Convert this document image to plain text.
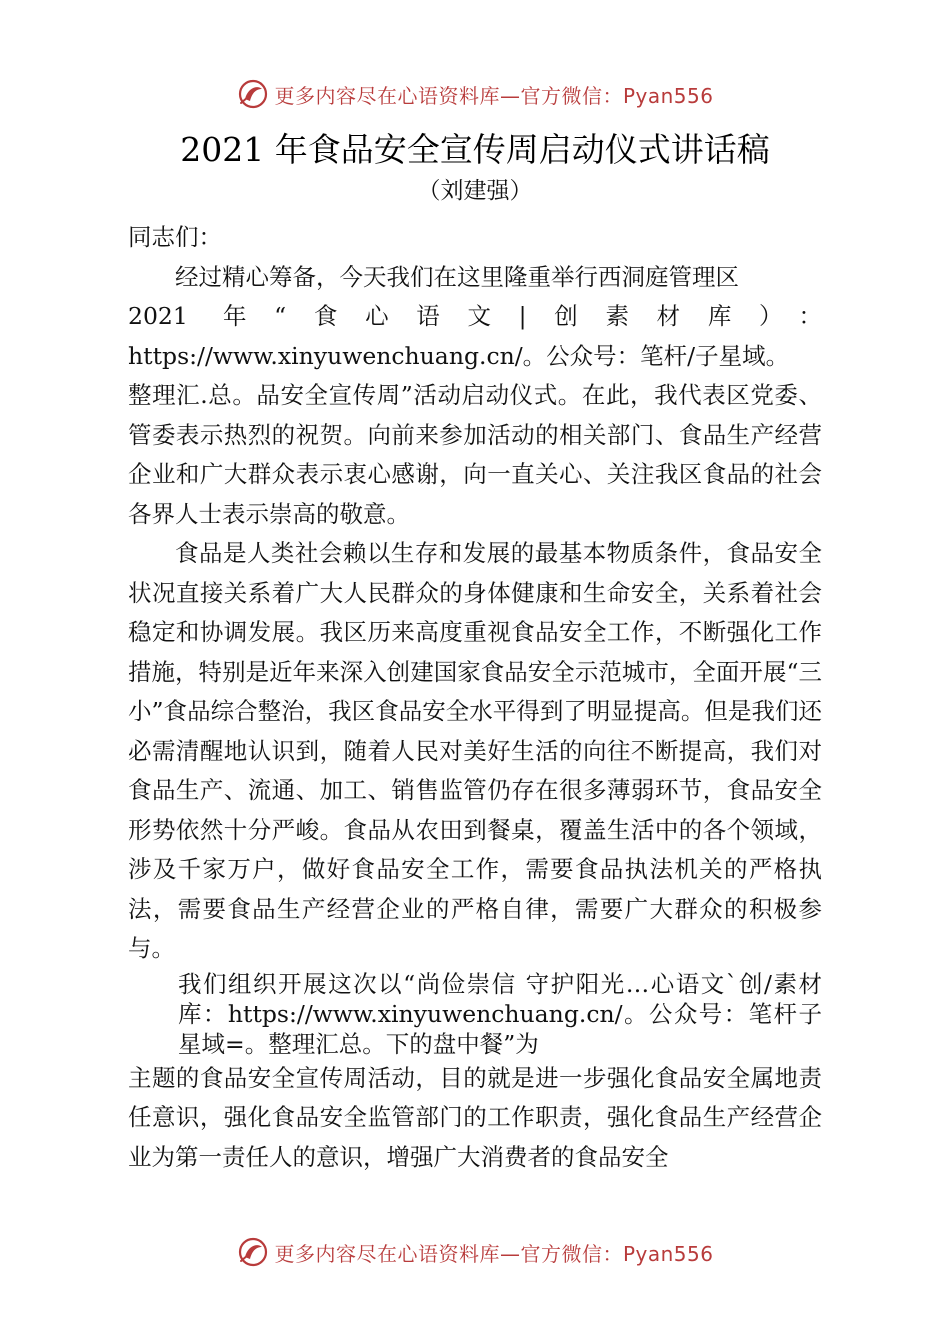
更多内容尽在心语资料库—官方微信：Pyan556
2021 年食品安全宣传周启动仪式讲话稿
（刘建强）

同志们：

经过精心筹备，今天我们在这里隆重举行西洞庭管理区

2021 年“食心语文|创素材库）：

https://www.xinyuwenchuang.cn/。公众号：笔杆/子星域。

整理汇.总。品安全宣传周”活动启动仪式。在此，我代表区党委、管委表示热烈的祝贺。向前来参加活动的相关部门、食品生产经营企业和广大群众表示衷心感谢，向一直关心、关注我区食品的社会各界人士表示崇高的敬意。

食品是人类社会赖以生存和发展的最基本物质条件，食品安全状况直接关系着广大人民群众的身体健康和生命安全，关系着社会稳定和协调发展。我区历来高度重视食品安全工作，不断强化工作措施，特别是近年来深入创建国家食品安全示范城市，全面开展“三小”食品综合整治，我区食品安全水平得到了明显提高。但是我们还必需清醒地认识到，随着人民对美好生活的向往不断提高，我们对食品生产、流通、加工、销售监管仍存在很多薄弱环节，食品安全形势依然十分严峻。食品从农田到餐桌，覆盖生活中的各个领域，涉及千家万户，做好食品安全工作，需要食品执法机关的严格执法，需要食品生产经营企业的严格自律，需要广大群众的积极参与。

我们组织开展这次以“尚俭崇信 守护阳光…心语文`创/素材库：https://www.xinyuwenchuang.cn/。公众号：笔杆子星域=。整理汇总。下的盘中餐”为

主题的食品安全宣传周活动，目的就是进一步强化食品安全属地责任意识，强化食品安全监管部门的工作职责，强化食品生产经营企业为第一责任人的意识，增强广大消费者的食品安全

更多内容尽在心语资料库—官方微信：Pyan556
